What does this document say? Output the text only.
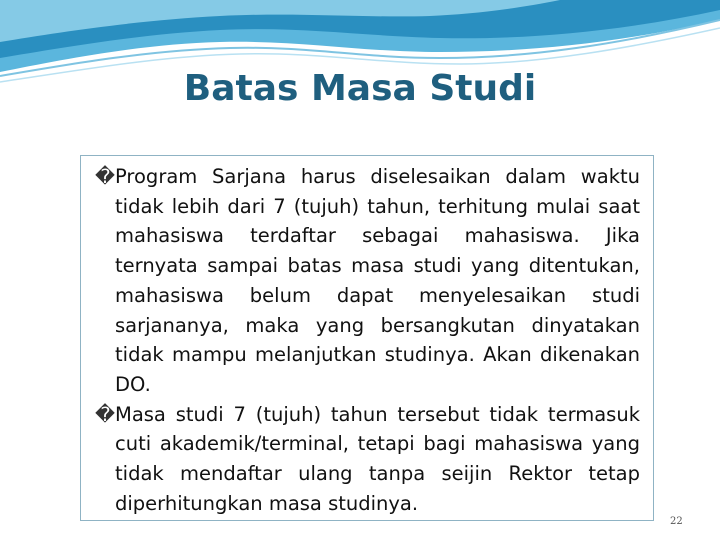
Batas Masa Studi
� Program Sarjana harus diselesaikan dalam waktu tidak lebih dari 7 (tujuh) tahun, terhitung mulai saat mahasiswa terdaftar sebagai mahasiswa. Jika ternyata sampai batas masa studi yang ditentukan, mahasiswa belum dapat menyelesaikan studi sarjananya, maka yang bersangkutan dinyatakan tidak mampu melanjutkan studinya. Akan dikenakan DO.
� Masa studi 7 (tujuh) tahun tersebut tidak termasuk cuti akademik/terminal, tetapi bagi mahasiswa yang tidak mendaftar ulang tanpa seijin Rektor tetap diperhitungkan masa studinya.
22
